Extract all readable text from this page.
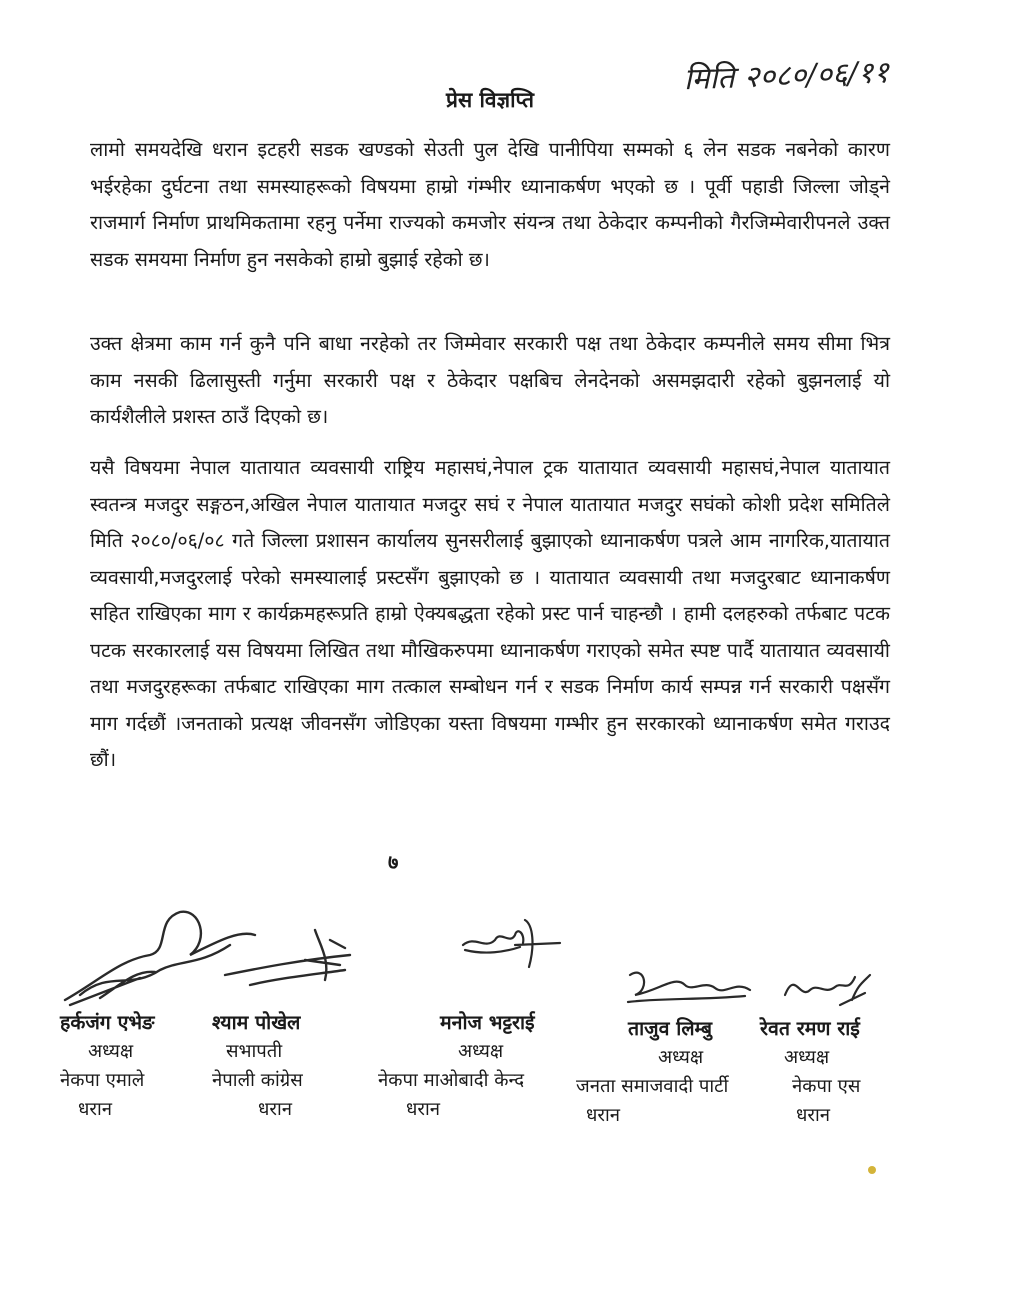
प्रेस विज्ञप्ति
मिति २०८०/०६/११

लामो समयदेखि धरान इटहरी सडक खण्डको सेउती पुल देखि पानीपिया सम्मको ६ लेन सडक नबनेको कारण भईरहेका दुर्घटना तथा समस्याहरूको विषयमा हाम्रो गंम्भीर ध्यानाकर्षण भएको छ । पूर्वी पहाडी जिल्ला जोड्ने राजमार्ग निर्माण प्राथमिकतामा रहनु पर्नेमा राज्यको कमजोर संयन्त्र तथा ठेकेदार कम्पनीको गैरजिम्मेवारीपनले उक्त सडक समयमा निर्माण हुन नसकेको हाम्रो बुझाई रहेको छ।

उक्त क्षेत्रमा काम गर्न कुनै पनि बाधा नरहेको तर जिम्मेवार सरकारी पक्ष तथा ठेकेदार कम्पनीले समय सीमा भित्र काम नसकी ढिलासुस्ती गर्नुमा सरकारी पक्ष र ठेकेदार पक्षबिच लेनदेनको असमझदारी रहेको बुझनलाई यो कार्यशैलीले प्रशस्त ठाउँ दिएको छ।

यसै विषयमा नेपाल यातायात व्यवसायी राष्ट्रिय महासघं,नेपाल ट्रक यातायात व्यवसायी महासघं,नेपाल यातायात स्वतन्त्र मजदुर सङ्गठन,अखिल नेपाल यातायात मजदुर सघं र नेपाल यातायात मजदुर सघंको कोशी प्रदेश समितिले मिति २०८०/०६/०८ गते जिल्ला प्रशासन कार्यालय सुनसरीलाई बुझाएको ध्यानाकर्षण पत्रले आम नागरिक,यातायात व्यवसायी,मजदुरलाई परेको समस्यालाई प्रस्टसँग बुझाएको छ । यातायात व्यवसायी तथा मजदुरबाट ध्यानाकर्षण सहित राखिएका माग र कार्यक्रमहरूप्रति हाम्रो ऐक्यबद्धता रहेको प्रस्ट पार्न चाहन्छौ । हामी दलहरुको तर्फबाट पटक पटक सरकारलाई यस विषयमा लिखित तथा मौखिकरुपमा ध्यानाकर्षण गराएको समेत स्पष्ट पार्दै यातायात व्यवसायी तथा मजदुरहरूका तर्फबाट राखिएका माग तत्काल सम्बोधन गर्न र सडक निर्माण कार्य सम्पन्न गर्न सरकारी पक्षसँग माग गर्दछौं ।जनताको प्रत्यक्ष जीवनसँग जोडिएका यस्ता विषयमा गम्भीर हुन सरकारको ध्यानाकर्षण समेत गराउद छौं।

७
हर्कजंग एभेङ
अध्यक्ष
नेकपा एमाले
धरान
श्याम पोखेल
सभापती
नेपाली कांग्रेस
धरान
मनोज भट्टराई
अध्यक्ष
नेकपा माओबादी केन्द
धरान
ताजुव लिम्बु
अध्यक्ष
जनता समाजवादी पार्टी
धरान
रेवत रमण राई
अध्यक्ष
नेकपा एस
धरान
